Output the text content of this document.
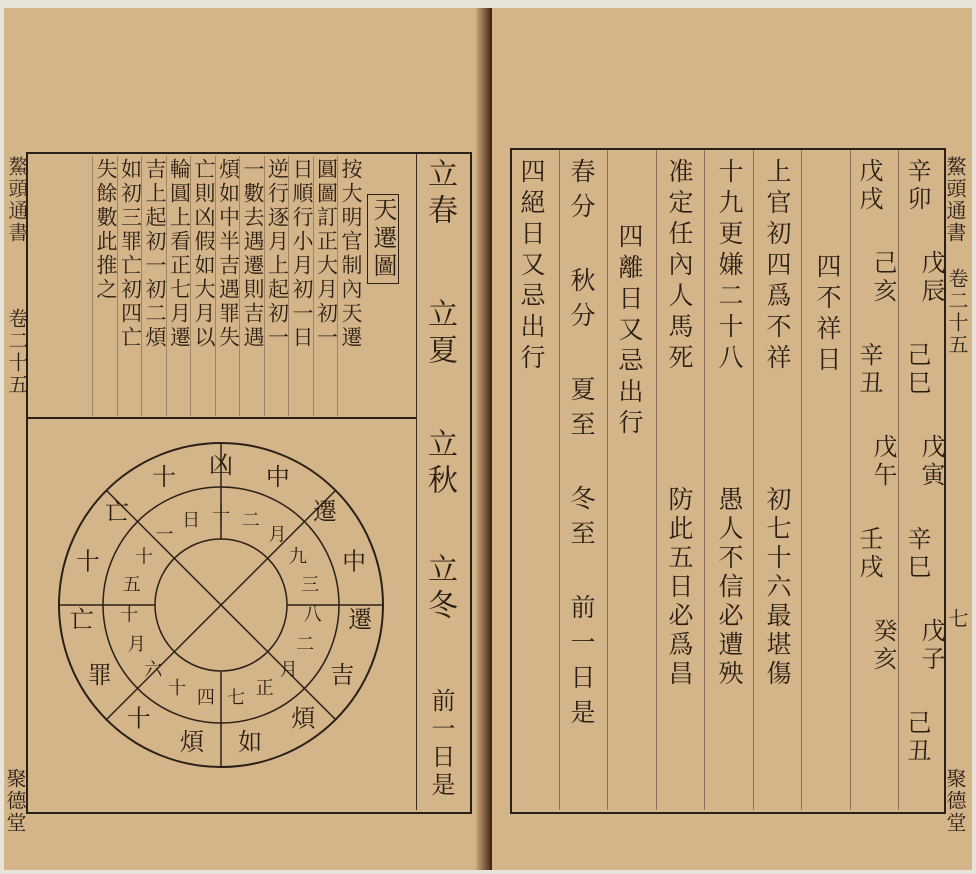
鰲頭通書
卷二十五
聚德堂
天遷圖
按大明官制內天遷
圓圖訂正大月初一
日順行小月初一日
逆行逐月上起初一
一數去遇遷則吉遇
煩如中半吉遇罪失
亡則凶假如大月以
輪圓上看正七月遷
吉上起初一初二煩
如初三罪亡初四亡
失餘數此推之	立春
立夏
立秋
立冬
前一日是
凶 中
遷
中
遷
吉
煩
如
煩
十
罪
亡
十
亡
十
十 二
月
九
三
八
二
月
正
七
四
十
六
月
十
五
十
一
日
鰲頭通書
卷二十五
七
聚德堂
辛卯
戊辰
己巳
戊寅
辛巳
戊子
己丑
戊戌
己亥
辛丑
戊午
壬戌
癸亥
四不祥日
上官初四爲不祥
十九更嫌二十八
准定任內人馬死
四離日又忌出行
春分 秋分 夏至 冬至 前一日是
四絕日又忌出行
初七十六最堪傷
愚人不信必遭殃
防此五日必爲昌
